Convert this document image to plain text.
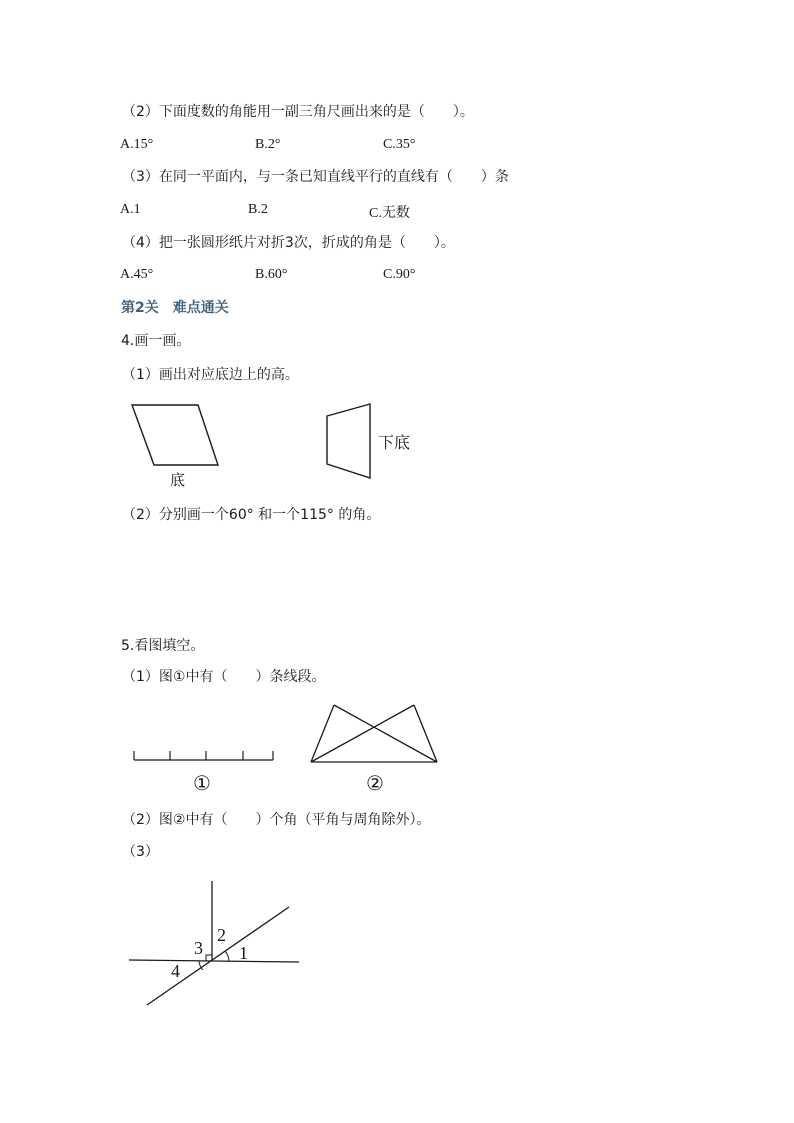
（2）下面度数的角能用一副三角尺画出来的是（　　）。
A.15°	B.2°	C.35°
（3）在同一平面内，与一条已知直线平行的直线有（　　）条
A.1	B.2	C.无数
（4）把一张圆形纸片对折3次，折成的角是（　　）。
A.45°	B.60°	C.90°
第2关　难点通关
4.画一画。
（1）画出对应底边上的高。
底
下底
（2）分别画一个60° 和一个115° 的角。
5.看图填空。
（1）图①中有（　　）条线段。
①	②
（2）图②中有（　　）个角（平角与周角除外）。
（3）
1
2
3
4
